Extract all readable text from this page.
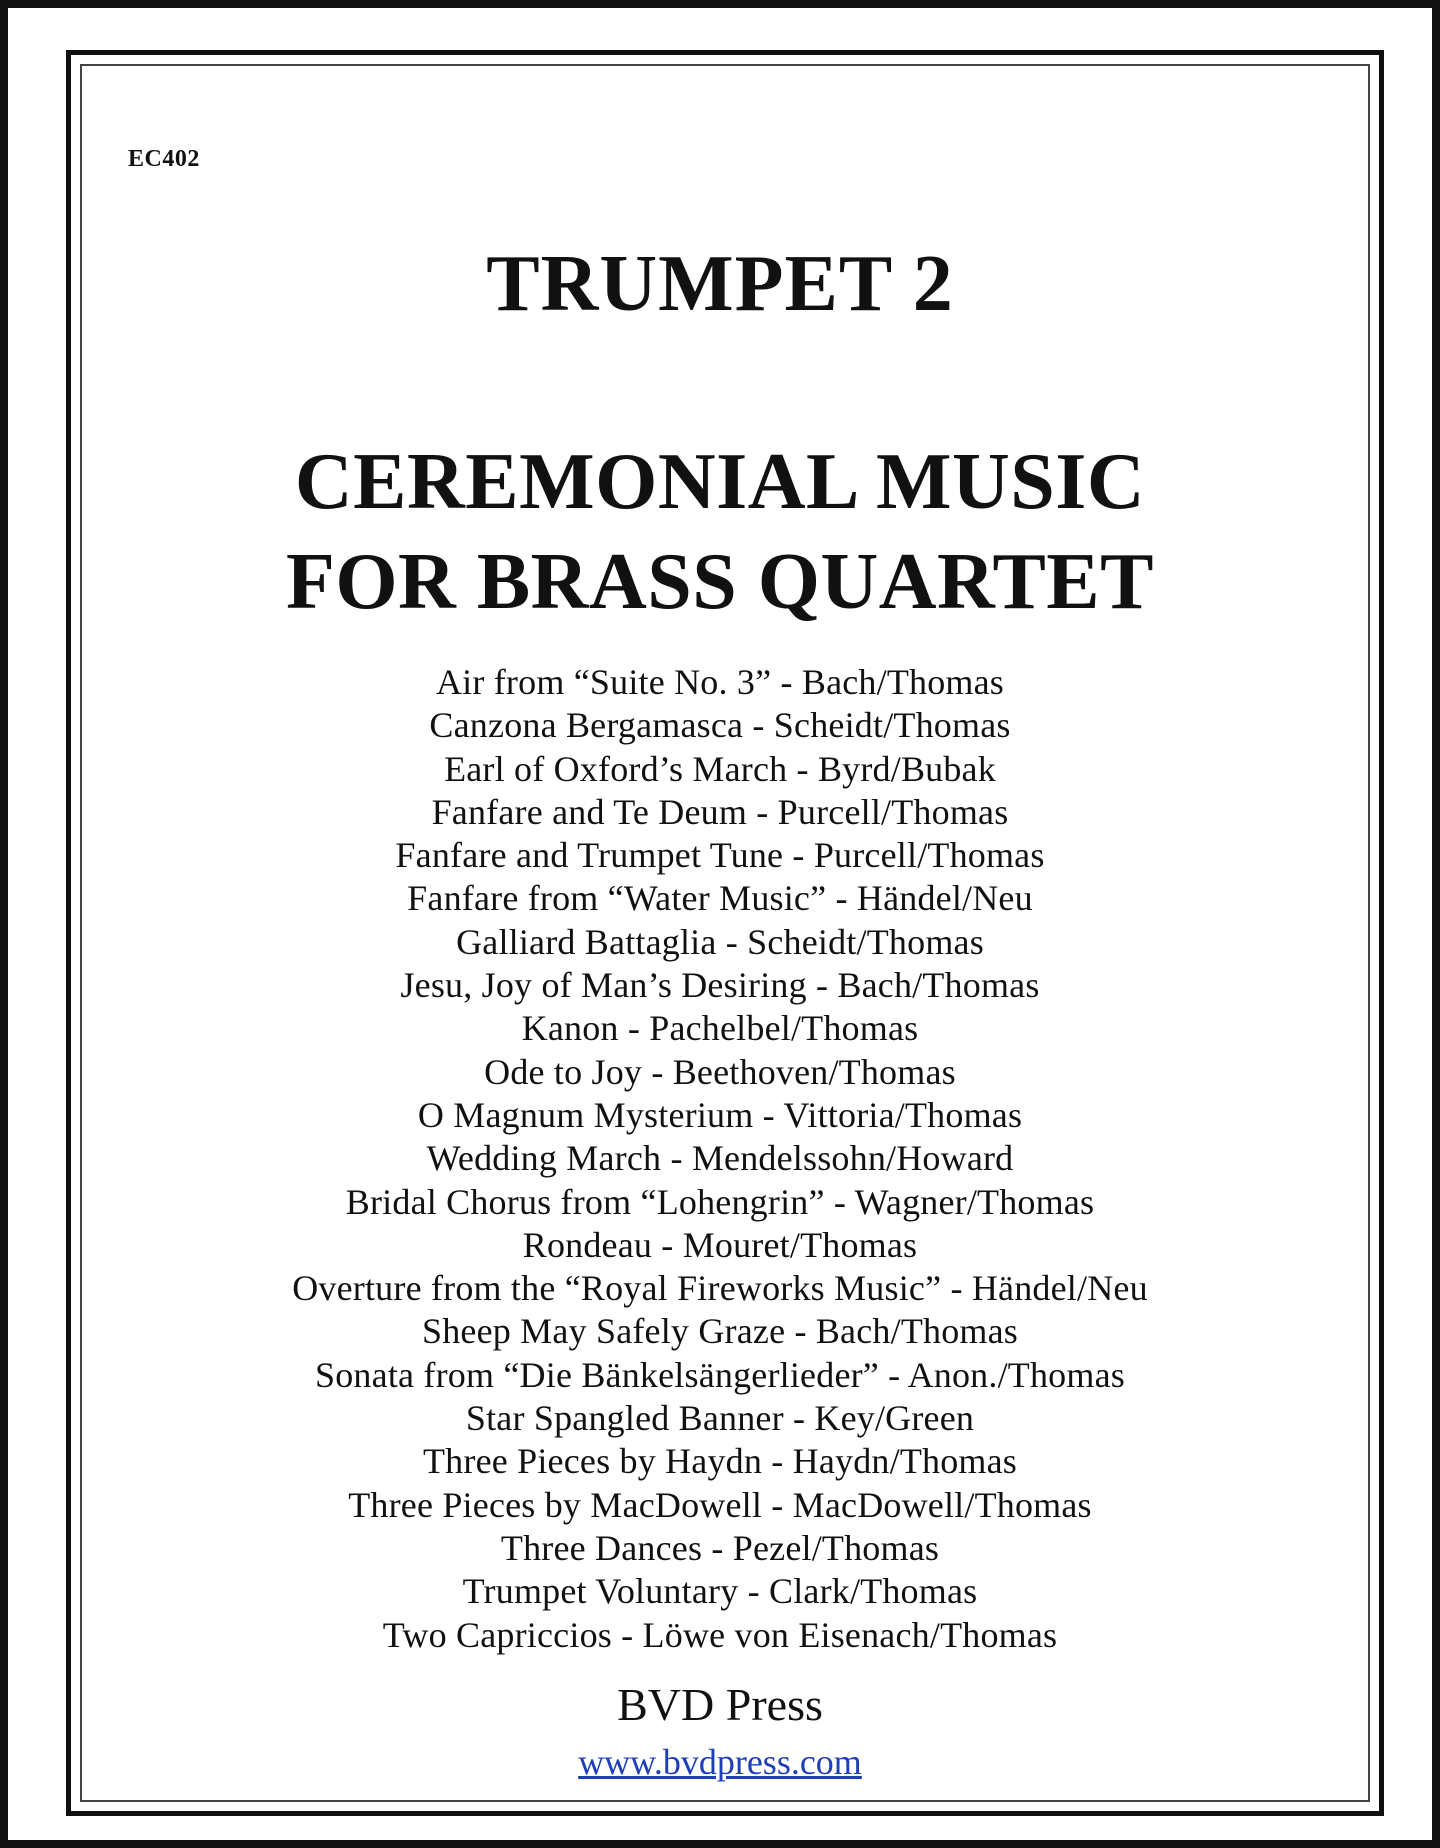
EC402
TRUMPET 2
CEREMONIAL MUSIC
FOR BRASS QUARTET
Air from “Suite No. 3” - Bach/Thomas
Canzona Bergamasca - Scheidt/Thomas
Earl of Oxford’s March - Byrd/Bubak
Fanfare and Te Deum - Purcell/Thomas
Fanfare and Trumpet Tune - Purcell/Thomas
Fanfare from “Water Music” - Händel/Neu
Galliard Battaglia - Scheidt/Thomas
Jesu, Joy of Man’s Desiring - Bach/Thomas
Kanon - Pachelbel/Thomas
Ode to Joy - Beethoven/Thomas
O Magnum Mysterium - Vittoria/Thomas
Wedding March - Mendelssohn/Howard
Bridal Chorus from “Lohengrin” - Wagner/Thomas
Rondeau - Mouret/Thomas
Overture from the “Royal Fireworks Music” - Händel/Neu
Sheep May Safely Graze - Bach/Thomas
Sonata from “Die Bänkelsängerlieder” - Anon./Thomas
Star Spangled Banner - Key/Green
Three Pieces by Haydn - Haydn/Thomas
Three Pieces by MacDowell - MacDowell/Thomas
Three Dances - Pezel/Thomas
Trumpet Voluntary - Clark/Thomas
Two Capriccios - Löwe von Eisenach/Thomas
BVD Press
www.bvdpress.com
